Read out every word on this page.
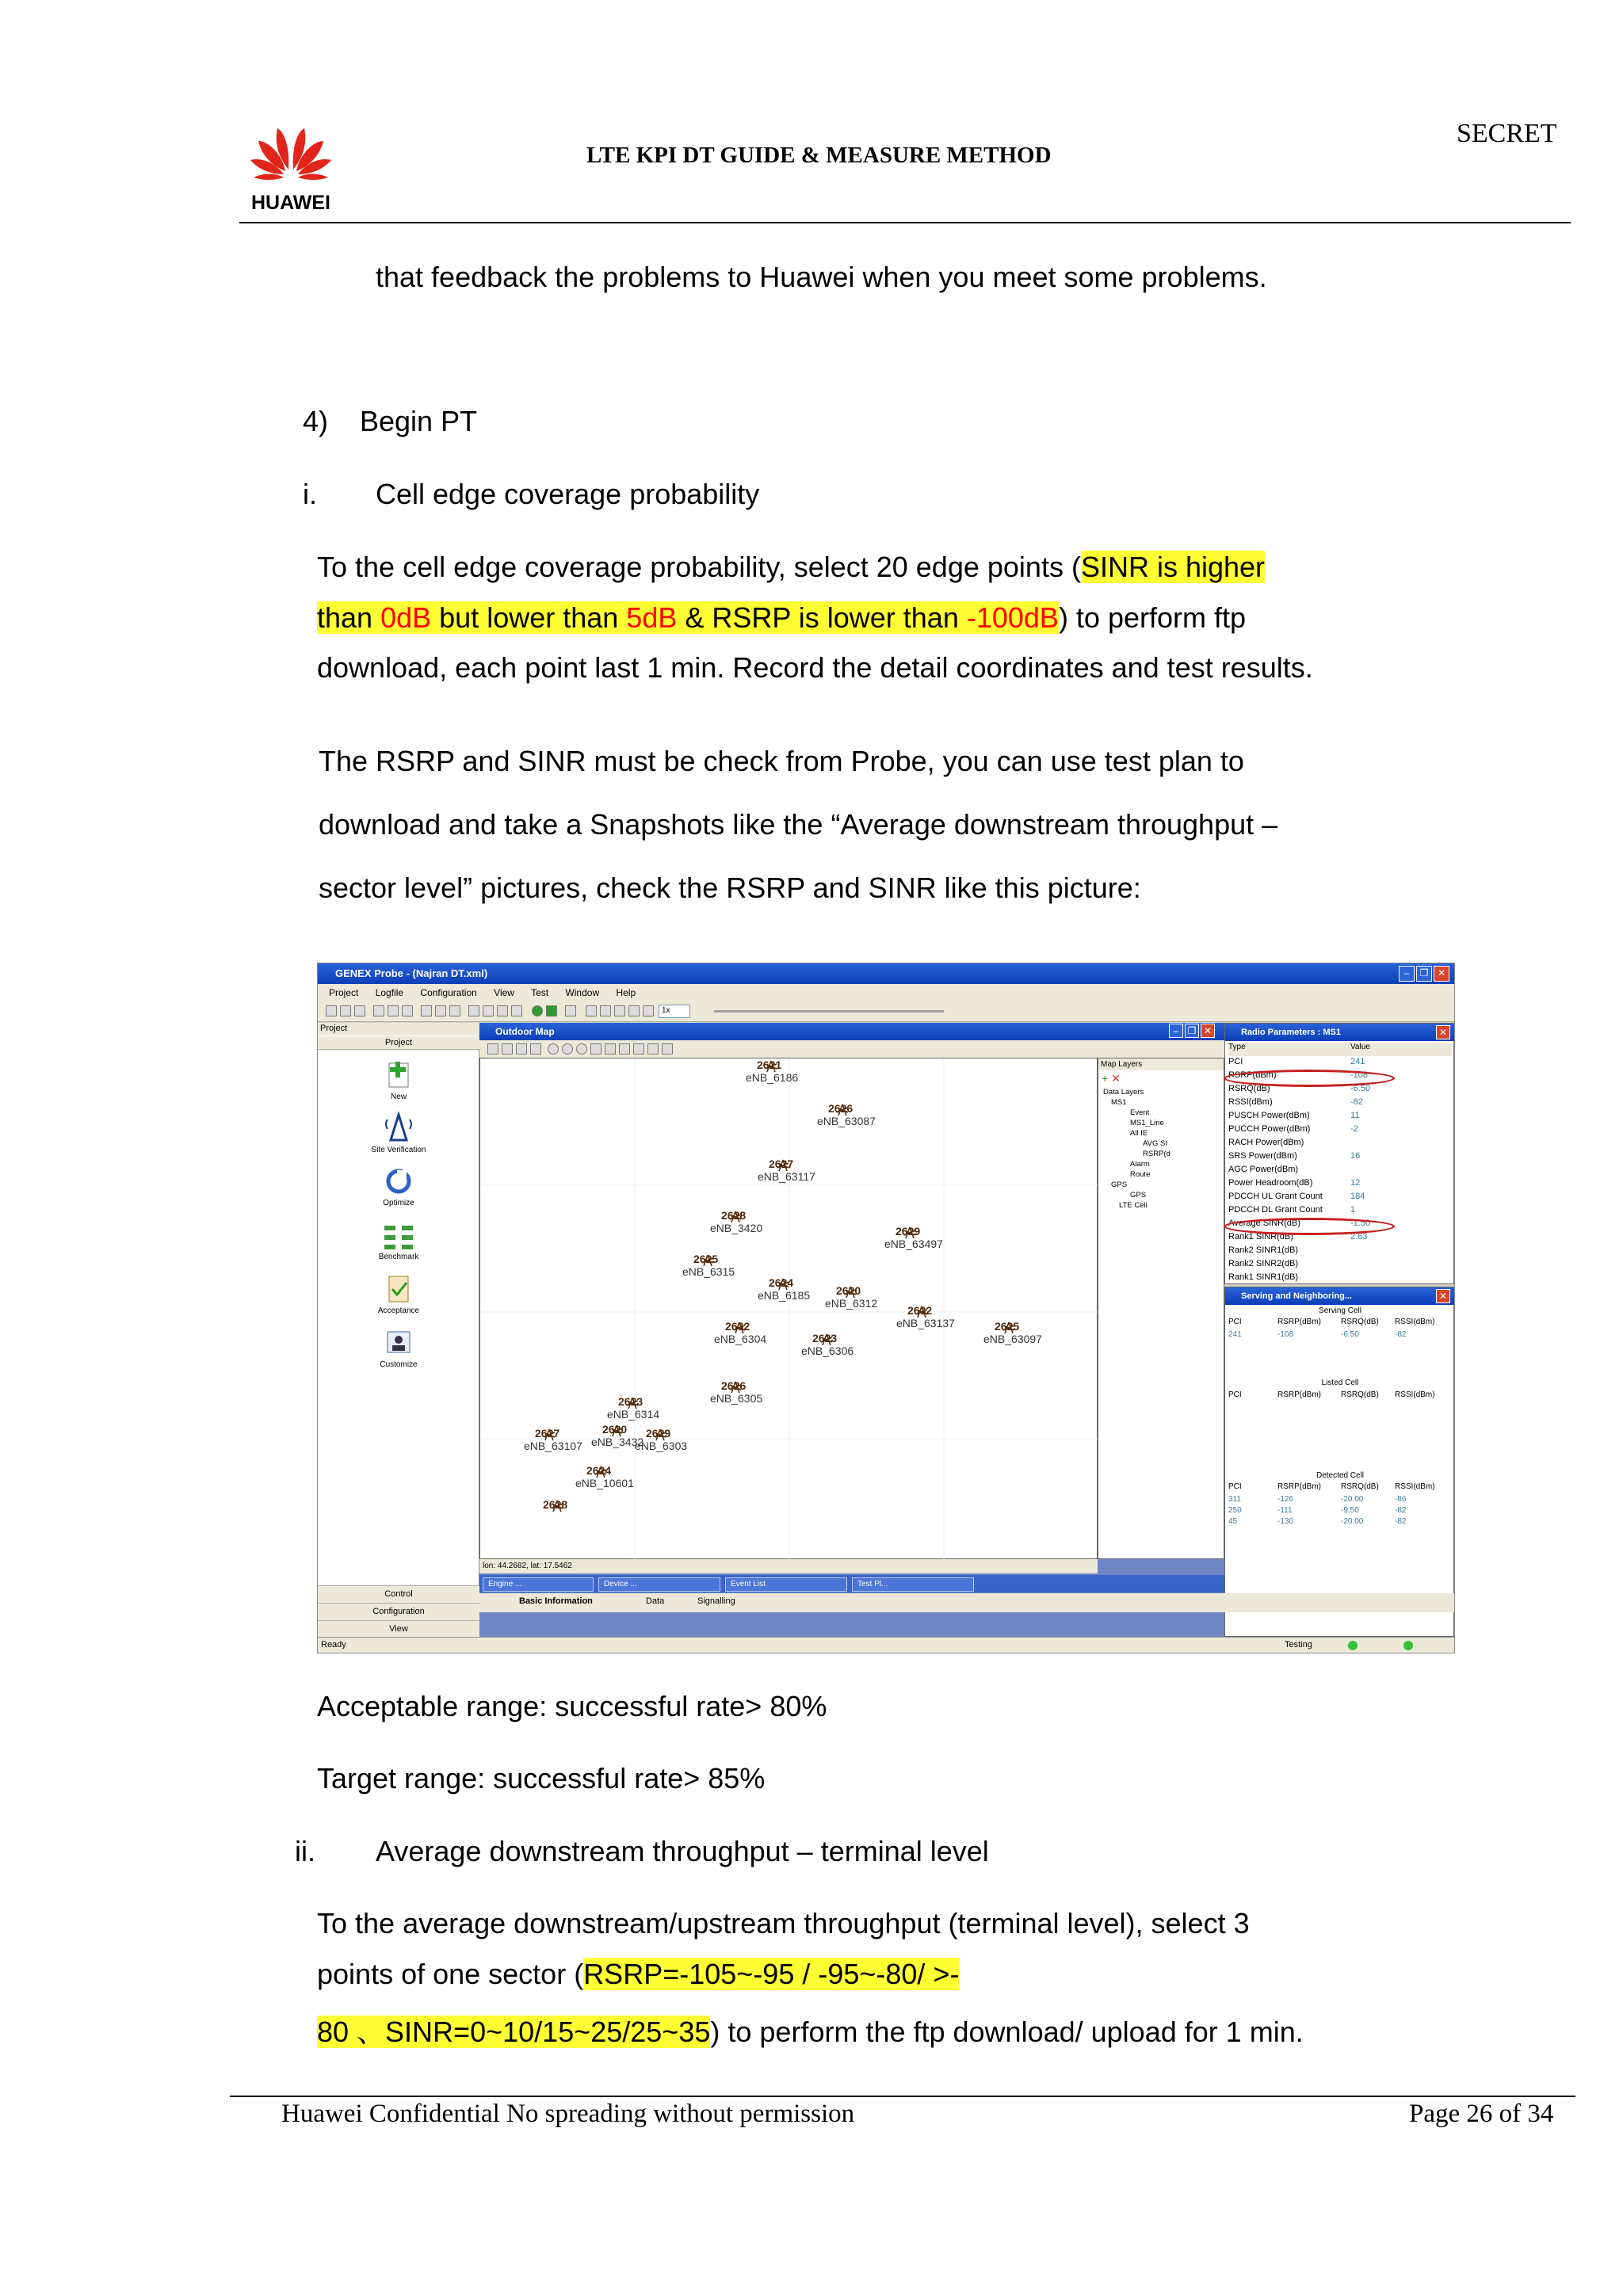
HUAWEI
LTE KPI DT GUIDE & MEASURE METHOD
SECRET
that feedback the problems to Huawei when you meet some problems.
4) Begin PT
i. Cell edge coverage probability
To the cell edge coverage probability, select 20 edge points (SINR is higher
than 0dB but lower than 5dB & RSRP is lower than -100dB) to perform ftp
download, each point last 1 min. Record the detail coordinates and test results.
The RSRP and SINR must be check from Probe, you can use test plan to
download and take a Snapshots like the “Average downstream throughput –
sector level” pictures, check the RSRP and SINR like this picture:
GENEX Probe - (Najran DT.xml)	–	❐ ✕
Project Logfile Configuration View Test Window Help
1x
Project
Project
New
Site Verification
Optimize
Benchmark
Acceptance
Customize
Control
Configuration
View
Outdoor Map	– ❐ ✕
2621
eNB_6186
2626
eNB_63087
2627
eNB_63117
2628
eNB_3420	2629
eNB_63497
2625
eNB_6315
2624
eNB_6185	2620
eNB_6312
2632
eNB_63137
2632
eNB_6304	2623
eNB_6306
2625
eNB_63097
2626
eNB_6305
2623
eNB_6314
2620
eNB_3432
2627
eNB_63107
2629
eNB_6303
2624
eNB_10601
2628
Map Layers
+ ✕
Data Layers
MS1
Event
MS1_Line
All IE
AVG SI
RSRP(d
Alarm
Route
GPS
GPS
LTE Cell
lon: 44.2682, lat: 17.5462
Engine ...	Device ...	Event List	Test Pl...
Radio Parameters : MS1	✕
Type	Value
PCI	241
RSRP(dBm)	-108
RSRQ(dB)	-6.50
RSSI(dBm)	-82
PUSCH Power(dBm)	11
PUCCH Power(dBm)	-2
RACH Power(dBm)
SRS Power(dBm)	16
AGC Power(dBm)
Power Headroom(dB)	12
PDCCH UL Grant Count	184
PDCCH DL Grant Count	1
Average SINR(dB)	-1.50
Rank1 SINR(dB)	2.63
Rank2 SINR1(dB)
Rank2 SINR2(dB)
Rank1 SINR1(dB)
Serving and Neighboring...	✕
Serving Cell
PCI	RSRP(dBm) RSRQ(dB) RSSI(dBm)
241	-108	-6.50	-82
Listed Cell
PCI	RSRP(dBm) RSRQ(dB) RSSI(dBm)
Detected Cell
PCI	RSRP(dBm) RSRQ(dB) RSSI(dBm)
311	-126	-20.00	-86
250	-111	-9.50	-82
45	-130	-20.00	-82
Basic Information	Data	Signalling
Ready	Testing
Acceptable range: successful rate> 80%
Target range: successful rate> 85%
ii. Average downstream throughput – terminal level
To the average downstream/upstream throughput (terminal level), select 3
points of one sector (RSRP=-105~-95 / -95~-80/ >-
80 、SINR=0~10/15~25/25~35) to perform the ftp download/ upload for 1 min.
Huawei Confidential No spreading without permission	Page 26 of 34
